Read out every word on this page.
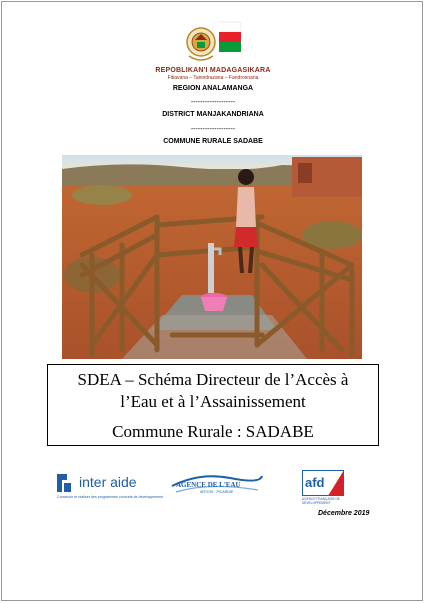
REPOBLIKAN'I MADAGASIKARA
Fitiavana – Tanindrazana – Fandrosoana
REGION ANALAMANGA
-------------------
DISTRICT MANJAKANDRIANA
-------------------
COMMUNE RURALE SADABE
SDEA – Schéma Directeur de l’Accès à
l’Eau et à l’Assainissement
Commune Rurale : SADABE
inter aide
Concevoir et réaliser des programmes concrets de développement
AGENCE DE L'EAU
ARTOIS · PICARDIE
afd
AGENCE FRANÇAISE DE DÉVELOPPEMENT
Décembre 2019
